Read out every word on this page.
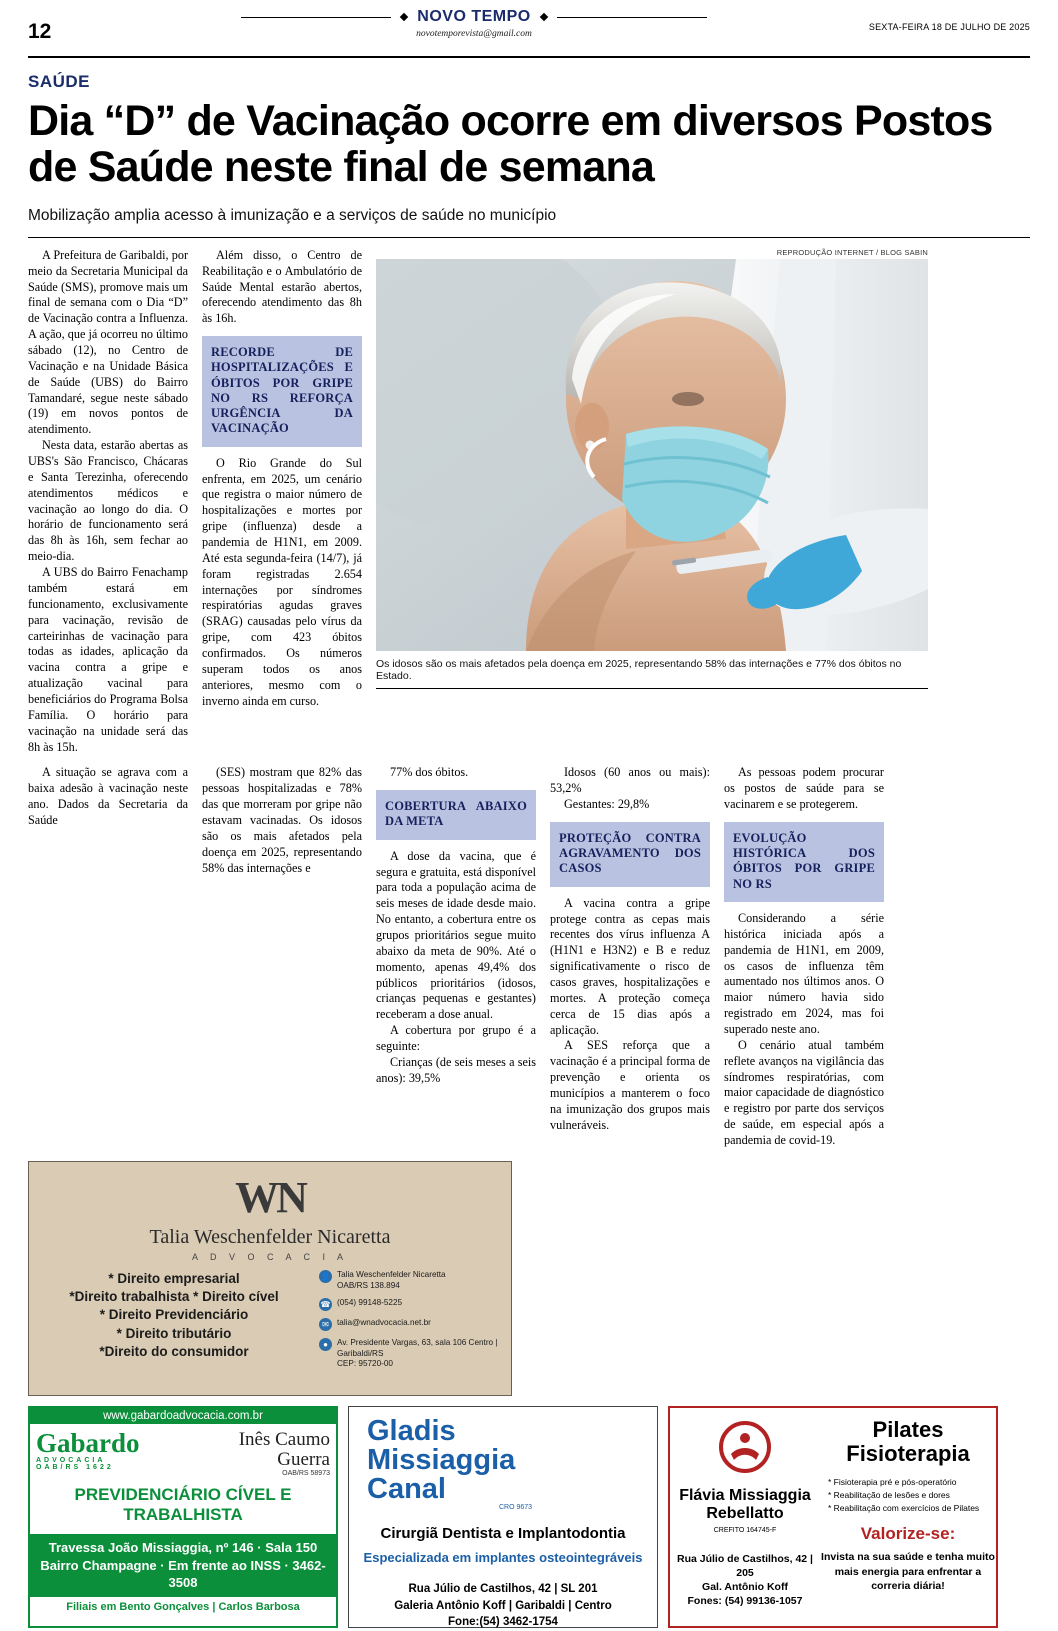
12
NOVO TEMPO
novotemporevista@gmail.com
SEXTA-FEIRA 18 DE JULHO DE 2025
SAÚDE
Dia “D” de Vacinação ocorre em diversos Postos de Saúde neste final de semana
Mobilização amplia acesso à imunização e a serviços de saúde no município

A Prefeitura de Garibaldi, por meio da Secretaria Municipal da Saúde (SMS), promove mais um final de semana com o Dia “D” de Vacinação contra a Influenza. A ação, que já ocorreu no último sábado (12), no Centro de Vacinação e na Unidade Básica de Saúde (UBS) do Bairro Tamandaré, segue neste sábado (19) em novos pontos de atendimento.

Nesta data, estarão abertas as UBS's São Francisco, Chácaras e Santa Terezinha, oferecendo atendimentos médicos e vacinação ao longo do dia. O horário de funcionamento será das 8h às 16h, sem fechar ao meio-dia.

A UBS do Bairro Fenachamp também estará em funcionamento, exclusivamente para vacinação, revisão de carteirinhas de vacinação para todas as idades, aplicação da vacina contra a gripe e atualização vacinal para beneficiários do Programa Bolsa Família. O horário para vacinação na unidade será das 8h às 15h.

Além disso, o Centro de Reabilitação e o Ambulatório de Saúde Mental estarão abertos, oferecendo atendimento das 8h às 16h.

RECORDE DE HOSPITALIZAÇÕES E ÓBITOS POR GRIPE NO RS REFORÇA URGÊNCIA DA VACINAÇÃO

O Rio Grande do Sul enfrenta, em 2025, um cenário que registra o maior número de hospitalizações e mortes por gripe (influenza) desde a pandemia de H1N1, em 2009. Até esta segunda-feira (14/7), já foram registradas 2.654 internações por síndromes respiratórias agudas graves (SRAG) causadas pelo vírus da gripe, com 423 óbitos confirmados. Os números superam todos os anos anteriores, mesmo com o inverno ainda em curso.

REPRODUÇÃO INTERNET / BLOG SABIN
Os idosos são os mais afetados pela doença em 2025, representando 58% das internações e 77% dos óbitos no Estado.

A situação se agrava com a baixa adesão à vacinação neste ano. Dados da Secretaria da Saúde

(SES) mostram que 82% das pessoas hospitalizadas e 78% das que morreram por gripe não estavam vacinadas. Os idosos são os mais afetados pela doença em 2025, representando 58% das internações e

77% dos óbitos.

COBERTURA ABAIXO DA META

A dose da vacina, que é segura e gratuita, está disponível para toda a população acima de seis meses de idade desde maio. No entanto, a cobertura entre os grupos prioritários segue muito abaixo da meta de 90%. Até o momento, apenas 49,4% dos públicos prioritários (idosos, crianças pequenas e gestantes) receberam a dose anual.

A cobertura por grupo é a seguinte:

Crianças (de seis meses a seis anos): 39,5%

Idosos (60 anos ou mais): 53,2%

Gestantes: 29,8%

PROTEÇÃO CONTRA AGRAVAMENTO DOS CASOS

A vacina contra a gripe protege contra as cepas mais recentes dos vírus influenza A (H1N1 e H3N2) e B e reduz significativamente o risco de casos graves, hospitalizações e mortes. A proteção começa cerca de 15 dias após a aplicação.

A SES reforça que a vacinação é a principal forma de prevenção e orienta os municípios a manterem o foco na imunização dos grupos mais vulneráveis.

As pessoas podem procurar os postos de saúde para se vacinarem e se protegerem.

EVOLUÇÃO HISTÓRICA DOS ÓBITOS POR GRIPE NO RS

Considerando a série histórica iniciada após a pandemia de H1N1, em 2009, os casos de influenza têm aumentado nos últimos anos. O maior número havia sido registrado em 2024, mas foi superado neste ano.

O cenário atual também reflete avanços na vigilância das síndromes respiratórias, com maior capacidade de diagnóstico e registro por parte dos serviços de saúde, em especial após a pandemia de covid-19.

WN
Talia Weschenfelder Nicaretta
A D V O C A C I A
* Direito empresarial
*Direito trabalhista * Direito cível
* Direito Previdenciário
* Direito tributário
*Direito do consumidor
👤 Talia Weschenfelder Nicaretta
OAB/RS 138.894
☎ (054) 99148-5225
✉ talia@wnadvocacia.net.br
●	Av. Presidente Vargas, 63, sala 106 Centro | Garibaldi/RS
CEP: 95720-00
www.gabardoadvocacia.com.br
Gabardo
ADVOCACIA
OAB/RS 1622
Inês Caumo
Guerra
OAB/RS 58973
PREVIDENCIÁRIO CÍVEL E TRABALHISTA
Travessa João Missiaggia, nº 146 · Sala 150 Bairro Champagne · Em frente ao INSS · 3462-3508
Filiais em Bento Gonçalves | Carlos Barbosa
Gladis
Missiaggia
Canal
CRO 9673
Cirurgiã Dentista e Implantodontia
Especializada em implantes osteointegráveis
Rua Júlio de Castilhos, 42 | SL 201
Galeria Antônio Koff | Garibaldi | Centro
Fone:(54) 3462-1754
Flávia Missiaggia Rebellatto
CREFITO 164745-F
Rua Júlio de Castilhos, 42 | 205
Gal. Antônio Koff
Fones: (54) 99136-1057
Pilates
Fisioterapia
* Fisioterapia pré e pós-operatório
* Reabilitação de lesões e dores
* Reabilitação com exercícios de Pilates
Valorize-se:
Invista na sua saúde e tenha muito mais energia para enfrentar a correria diária!
